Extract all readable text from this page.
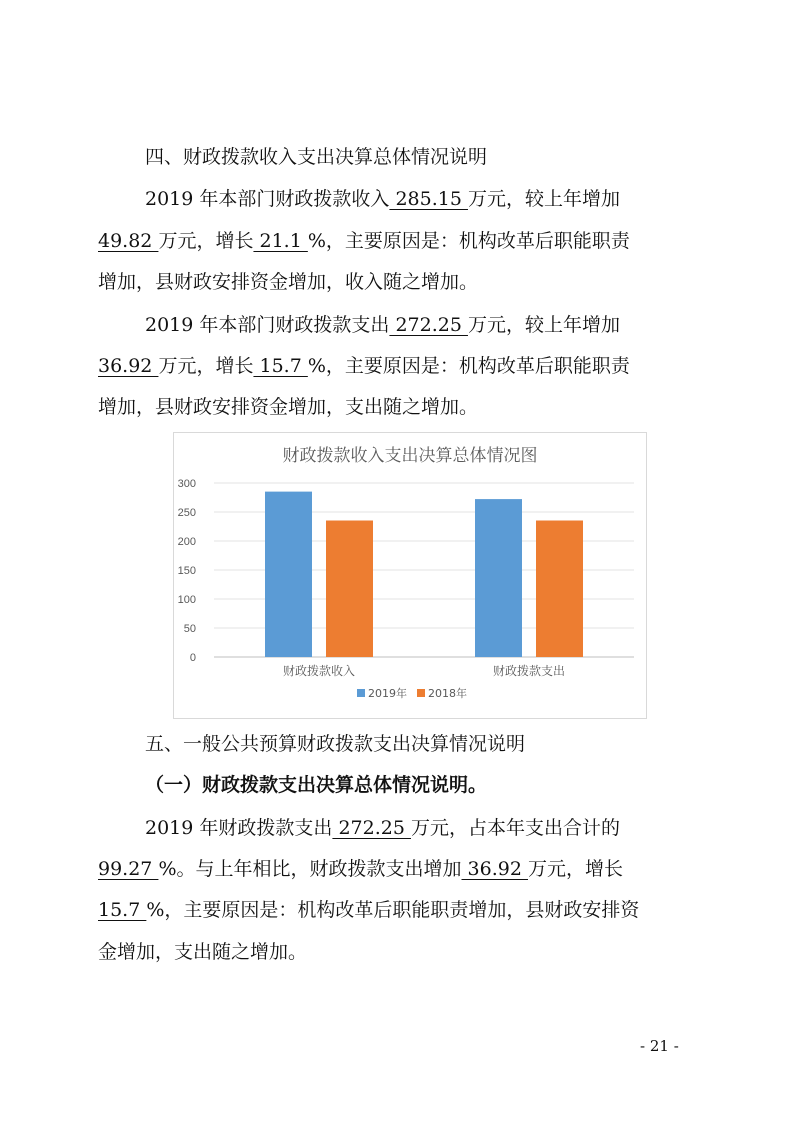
四、财政拨款收入支出决算总体情况说明
2019 年本部门财政拨款收入 285.15 万元，较上年增加
49.82 万元，增长 21.1 %，主要原因是：机构改革后职能职责
增加，县财政安排资金增加，收入随之增加。
2019 年本部门财政拨款支出 272.25 万元，较上年增加
36.92 万元，增长 15.7 %，主要原因是：机构改革后职能职责
增加，县财政安排资金增加，支出随之增加。
财政拨款收入支出决算总体情况图
0
50
100
150
200
250
300
财政拨款收入	财政拨款支出
2019年 2018年
五、一般公共预算财政拨款支出决算情况说明
（一）财政拨款支出决算总体情况说明。
2019 年财政拨款支出 272.25 万元，占本年支出合计的
99.27 %。与上年相比，财政拨款支出增加 36.92 万元，增长
15.7 %，主要原因是：机构改革后职能职责增加，县财政安排资
金增加，支出随之增加。
- 21 -
